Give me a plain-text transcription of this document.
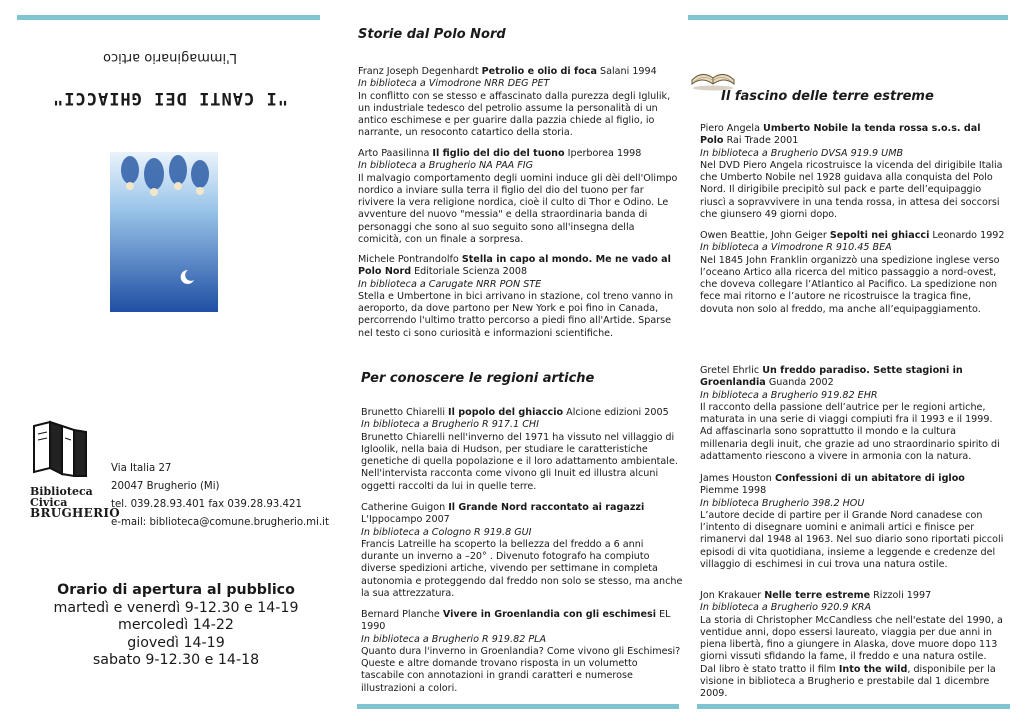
L'immaginario artico
"I CANTI DEI GHIACCI"
Biblioteca
Civica
BRUGHERIO
Via Italia 27
20047 Brugherio (Mi)
tel. 039.28.93.401 fax 039.28.93.421
e-mail: biblioteca@comune.brugherio.mi.it
Orario di apertura al pubblico
martedì e venerdì 9-12.30 e 14-19
mercoledì 14-22
giovedì 14-19
sabato 9-12.30 e 14-18
Storie dal Polo Nord

Franz Joseph Degenhardt Petrolio e olio di foca Salani 1994

In biblioteca a Vimodrone NRR DEG PET

In conflitto con se stesso e affascinato dalla purezza degli Iglulik, un industriale tedesco del petrolio assume la personalità di un antico eschimese e per guarire dalla pazzia chiede al figlio, io narrante, un resoconto catartico della storia.

Arto Paasilinna Il figlio del dio del tuono Iperborea 1998

In biblioteca a Brugherio NA PAA FIG

Il malvagio comportamento degli uomini induce gli dèi dell'Olimpo nordico a inviare sulla terra il figlio del dio del tuono per far rivivere la vera religione nordica, cioè il culto di Thor e Odino. Le avventure del nuovo "messia" e della straordinaria banda di personaggi che sono al suo seguito sono all'insegna della comicità, con un finale a sorpresa.

Michele Pontrandolfo Stella in capo al mondo. Me ne vado al Polo Nord Editoriale Scienza 2008

In biblioteca a Carugate NRR PON STE

Stella e Umbertone in bici arrivano in stazione, col treno vanno in aeroporto, da dove partono per New York e poi fino in Canada, percorrendo l'ultimo tratto percorso a piedi fino all'Artide. Sparse nel testo ci sono curiosità e informazioni scientifiche.

Per conoscere le regioni artiche

Brunetto Chiarelli Il popolo del ghiaccio Alcione edizioni 2005

In biblioteca a Brugherio R 917.1 CHI

Brunetto Chiarelli nell'inverno del 1971 ha vissuto nel villaggio di Igloolik, nella baia di Hudson, per studiare le caratteristiche genetiche di quella popolazione e il loro adattamento ambientale. Nell'intervista racconta come vivono gli Inuit ed illustra alcuni oggetti raccolti da lui in quelle terre.

Catherine Guigon Il Grande Nord raccontato ai ragazzi L'Ippocampo 2007

In biblioteca a Cologno R 919.8 GUI

Francis Latreille ha scoperto la bellezza del freddo a 6 anni durante un inverno a –20° . Divenuto fotografo ha compiuto diverse spedizioni artiche, vivendo per settimane in completa autonomia e proteggendo dal freddo non solo se stesso, ma anche la sua attrezzatura.

Bernard Planche Vivere in Groenlandia con gli eschimesi EL 1990

In biblioteca a Brugherio R 919.82 PLA

Quanto dura l'inverno in Groenlandia? Come vivono gli Eschimesi? Queste e altre domande trovano risposta in un volumetto tascabile con annotazioni in grandi caratteri e numerose illustrazioni a colori.

Il fascino delle terre estreme

Piero Angela Umberto Nobile la tenda rossa s.o.s. dal Polo Rai Trade 2001

In biblioteca a Brugherio DVSA 919.9 UMB

Nel DVD Piero Angela ricostruisce la vicenda del dirigibile Italia che Umberto Nobile nel 1928 guidava alla conquista del Polo Nord. Il dirigibile precipitò sul pack e parte dell’equipaggio riuscì a sopravvivere in una tenda rossa, in attesa dei soccorsi che giunsero 49 giorni dopo.

Owen Beattie, John Geiger Sepolti nei ghiacci Leonardo 1992

In biblioteca a Vimodrone R 910.45 BEA

Nel 1845 John Franklin organizzò una spedizione inglese verso l’oceano Artico alla ricerca del mitico passaggio a nord-ovest, che doveva collegare l’Atlantico al Pacifico. La spedizione non fece mai ritorno e l’autore ne ricostruisce la tragica fine, dovuta non solo al freddo, ma anche all’equipaggiamento.

Gretel Ehrlic Un freddo paradiso. Sette stagioni in Groenlandia Guanda 2002

In biblioteca a Brugherio 919.82 EHR

Il racconto della passione dell’autrice per le regioni artiche, maturata in una serie di viaggi compiuti fra il 1993 e il 1999. Ad affascinarla sono soprattutto il mondo e la cultura millenaria degli inuit, che grazie ad uno straordinario spirito di adattamento riescono a vivere in armonia con la natura.

James Houston Confessioni di un abitatore di igloo Piemme 1998

In biblioteca Brugherio 398.2 HOU

L’autore decide di partire per il Grande Nord canadese con l’intento di disegnare uomini e animali artici e finisce per rimanervi dal 1948 al 1963. Nel suo diario sono riportati piccoli episodi di vita quotidiana, insieme a leggende e credenze del villaggio di eschimesi in cui trova una natura ostile.

Jon Krakauer Nelle terre estreme Rizzoli 1997

In biblioteca a Brugherio 920.9 KRA

La storia di Christopher McCandless che nell'estate del 1990, a ventidue anni, dopo essersi laureato, viaggia per due anni in piena libertà, fino a giungere in Alaska, dove muore dopo 113 giorni vissuti sfidando la fame, il freddo e una natura ostile. Dal libro è stato tratto il film Into the wild, disponibile per la visione in biblioteca a Brugherio e prestabile dal 1 dicembre 2009.
